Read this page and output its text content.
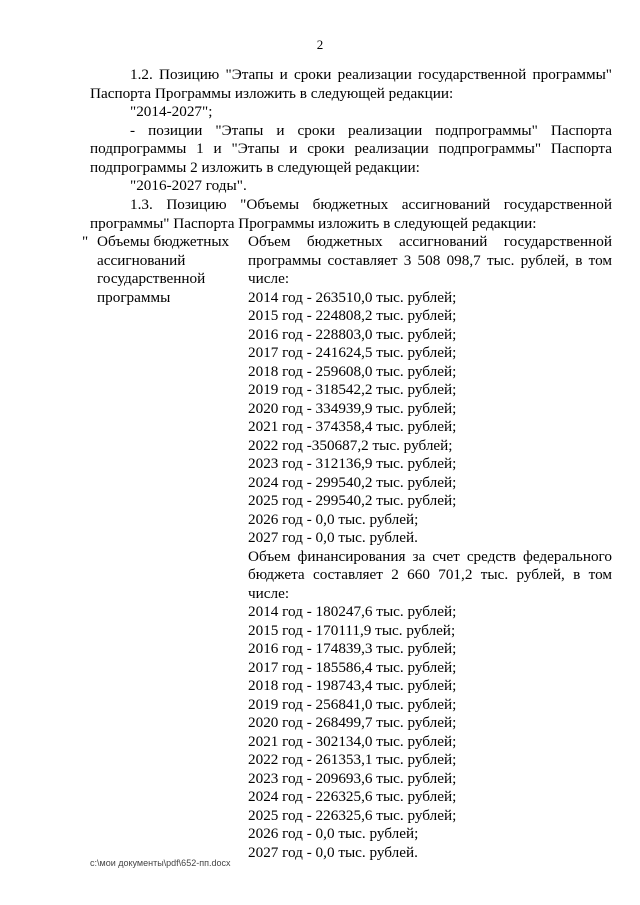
2
1.2. Позицию "Этапы и сроки реализации государственной программы"
Паспорта Программы изложить в следующей редакции:
"2014-2027";
- позиции "Этапы и сроки реализации подпрограммы" Паспорта
подпрограммы 1 и "Этапы и сроки реализации подпрограммы" Паспорта
подпрограммы 2 изложить в следующей редакции:
"2016-2027 годы".
1.3. Позицию "Объемы бюджетных ассигнований государственной
программы" Паспорта Программы изложить в следующей редакции:
" Объемы бюджетных
ассигнований
государственной
программы
Объем бюджетных ассигнований государственной
программы составляет 3 508 098,7 тыс. рублей, в том
числе:
2014 год - 263510,0 тыс. рублей;
2015 год - 224808,2 тыс. рублей;
2016 год - 228803,0 тыс. рублей;
2017 год - 241624,5 тыс. рублей;
2018 год - 259608,0 тыс. рублей;
2019 год - 318542,2 тыс. рублей;
2020 год - 334939,9 тыс. рублей;
2021 год - 374358,4 тыс. рублей;
2022 год -350687,2 тыс. рублей;
2023 год - 312136,9 тыс. рублей;
2024 год - 299540,2 тыс. рублей;
2025 год - 299540,2 тыс. рублей;
2026 год - 0,0 тыс. рублей;
2027 год - 0,0 тыс. рублей.
Объем финансирования за счет средств федерального
бюджета составляет 2 660 701,2 тыс. рублей, в том
числе:
2014 год - 180247,6 тыс. рублей;
2015 год - 170111,9 тыс. рублей;
2016 год - 174839,3 тыс. рублей;
2017 год - 185586,4 тыс. рублей;
2018 год - 198743,4 тыс. рублей;
2019 год - 256841,0 тыс. рублей;
2020 год - 268499,7 тыс. рублей;
2021 год - 302134,0 тыс. рублей;
2022 год - 261353,1 тыс. рублей;
2023 год - 209693,6 тыс. рублей;
2024 год - 226325,6 тыс. рублей;
2025 год - 226325,6 тыс. рублей;
2026 год - 0,0 тыс. рублей;
2027 год - 0,0 тыс. рублей.
c:\мои документы\pdf\652-пп.docx
